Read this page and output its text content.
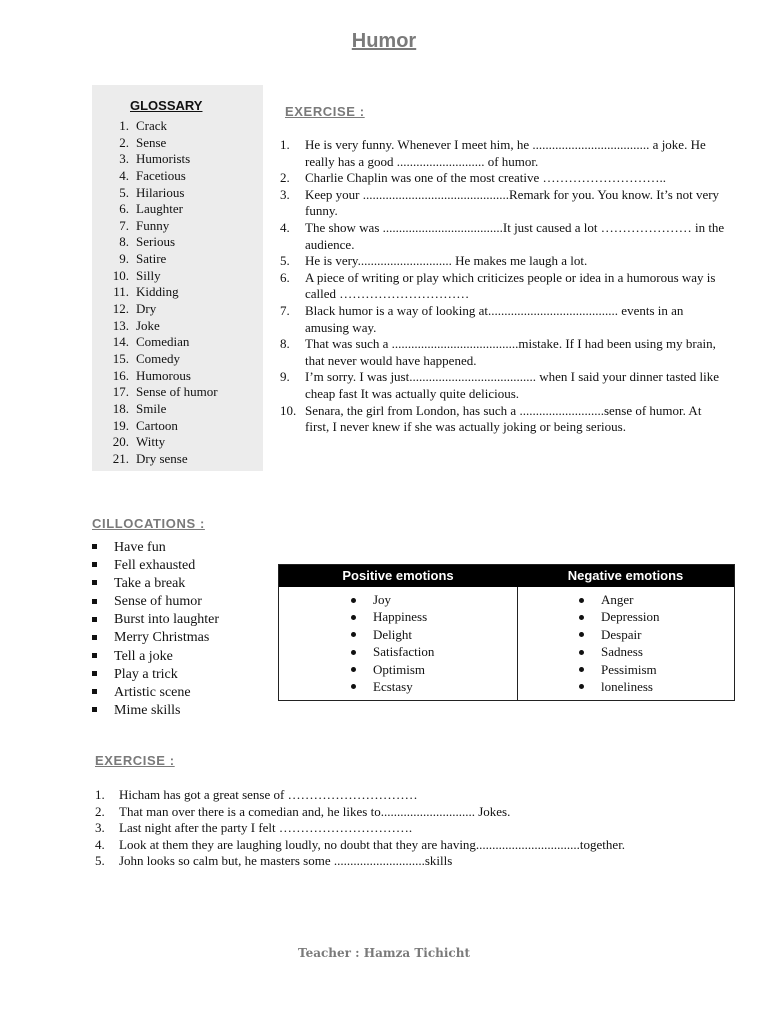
Humor
GLOSSARY
1. Crack
2. Sense
3. Humorists
4. Facetious
5. Hilarious
6. Laughter
7. Funny
8. Serious
9. Satire
10. Silly
11. Kidding
12. Dry
13. Joke
14. Comedian
15. Comedy
16. Humorous
17. Sense of humor
18. Smile
19. Cartoon
20. Witty
21. Dry sense
EXERCISE :
1. He is very funny. Whenever I meet him, he .................................... a joke. He really has a good ........................... of humor.
2. Charlie Chaplin was one of the most creative ………………………..
3. Keep your .............................................Remark for you. You know. It’s not very funny.
4. The show was .....................................It just caused a lot ………………… in the audience.
5. He is very............................. He makes me laugh a lot.
6. A piece of writing or play which criticizes people or idea in a humorous way is called …………………………
7. Black humor is a way of looking at........................................ events in an amusing way.
8. That was such a .......................................mistake. If I had been using my brain, that never would have happened.
9. I’m sorry. I was just....................................... when I said your dinner tasted like cheap fast It was actually quite delicious.
10. Senara, the girl from London, has such a ..........................sense of humor. At first, I never knew if she was actually joking or being serious.
CILLOCATIONS :
Have fun
Fell exhausted
Take a break
Sense of humor
Burst into laughter
Merry Christmas
Tell a joke
Play a trick
Artistic scene
Mime skills
Positive emotions	Negative emotions
Joy
Happiness
Delight
Satisfaction
Optimism
Ecstasy
Anger
Depression
Despair
Sadness
Pessimism
loneliness
EXERCISE :
1. Hicham has got a great sense of …………………………
2. That man over there is a comedian and, he likes to............................. Jokes.
3. Last night after the party I felt ………………………….
4. Look at them they are laughing loudly, no doubt that they are having................................together.
5. John looks so calm but, he masters some ............................skills
Teacher : Hamza Tichicht
